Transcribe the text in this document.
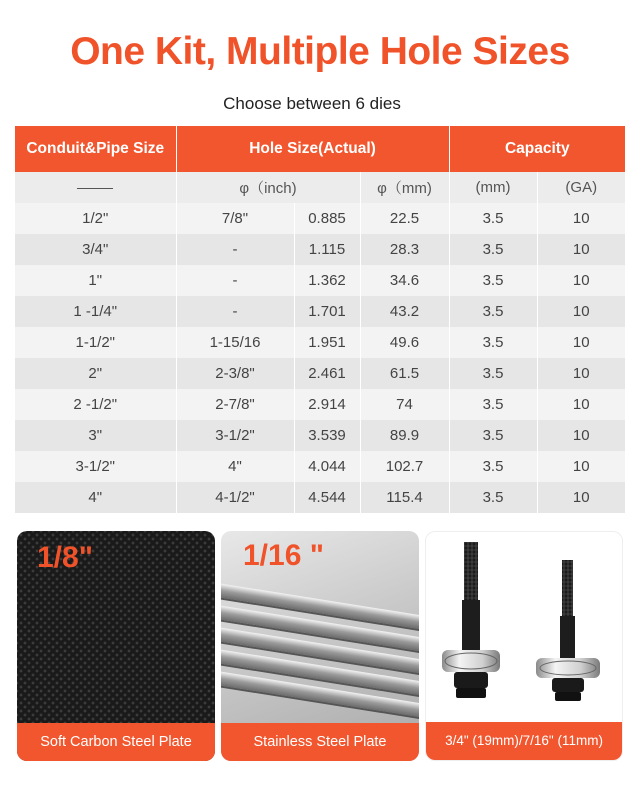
One Kit, Multiple Hole Sizes
Choose between 6 dies
Conduit&Pipe Size	Hole Size(Actual)			Capacity	
	φ（inch)		φ（mm)	(mm)	(GA)
1/2"	7/8"	0.885	22.5	3.5	10
3/4"	-	1.115	28.3	3.5	10
1"	-	1.362	34.6	3.5	10
1 -1/4"	-	1.701	43.2	3.5	10
1-1/2"	1-15/16	1.951	49.6	3.5	10
2"	2-3/8"	2.461	61.5	3.5	10
2 -1/2"	2-7/8"	2.914	74	3.5	10
3"	3-1/2"	3.539	89.9	3.5	10
3-1/2"	4"	4.044	102.7	3.5	10
4"	4-1/2"	4.544	115.4	3.5	10
1/8"
Soft Carbon Steel Plate
1/16 "
Stainless Steel Plate	3/4" (19mm)/7/16" (11mm)
